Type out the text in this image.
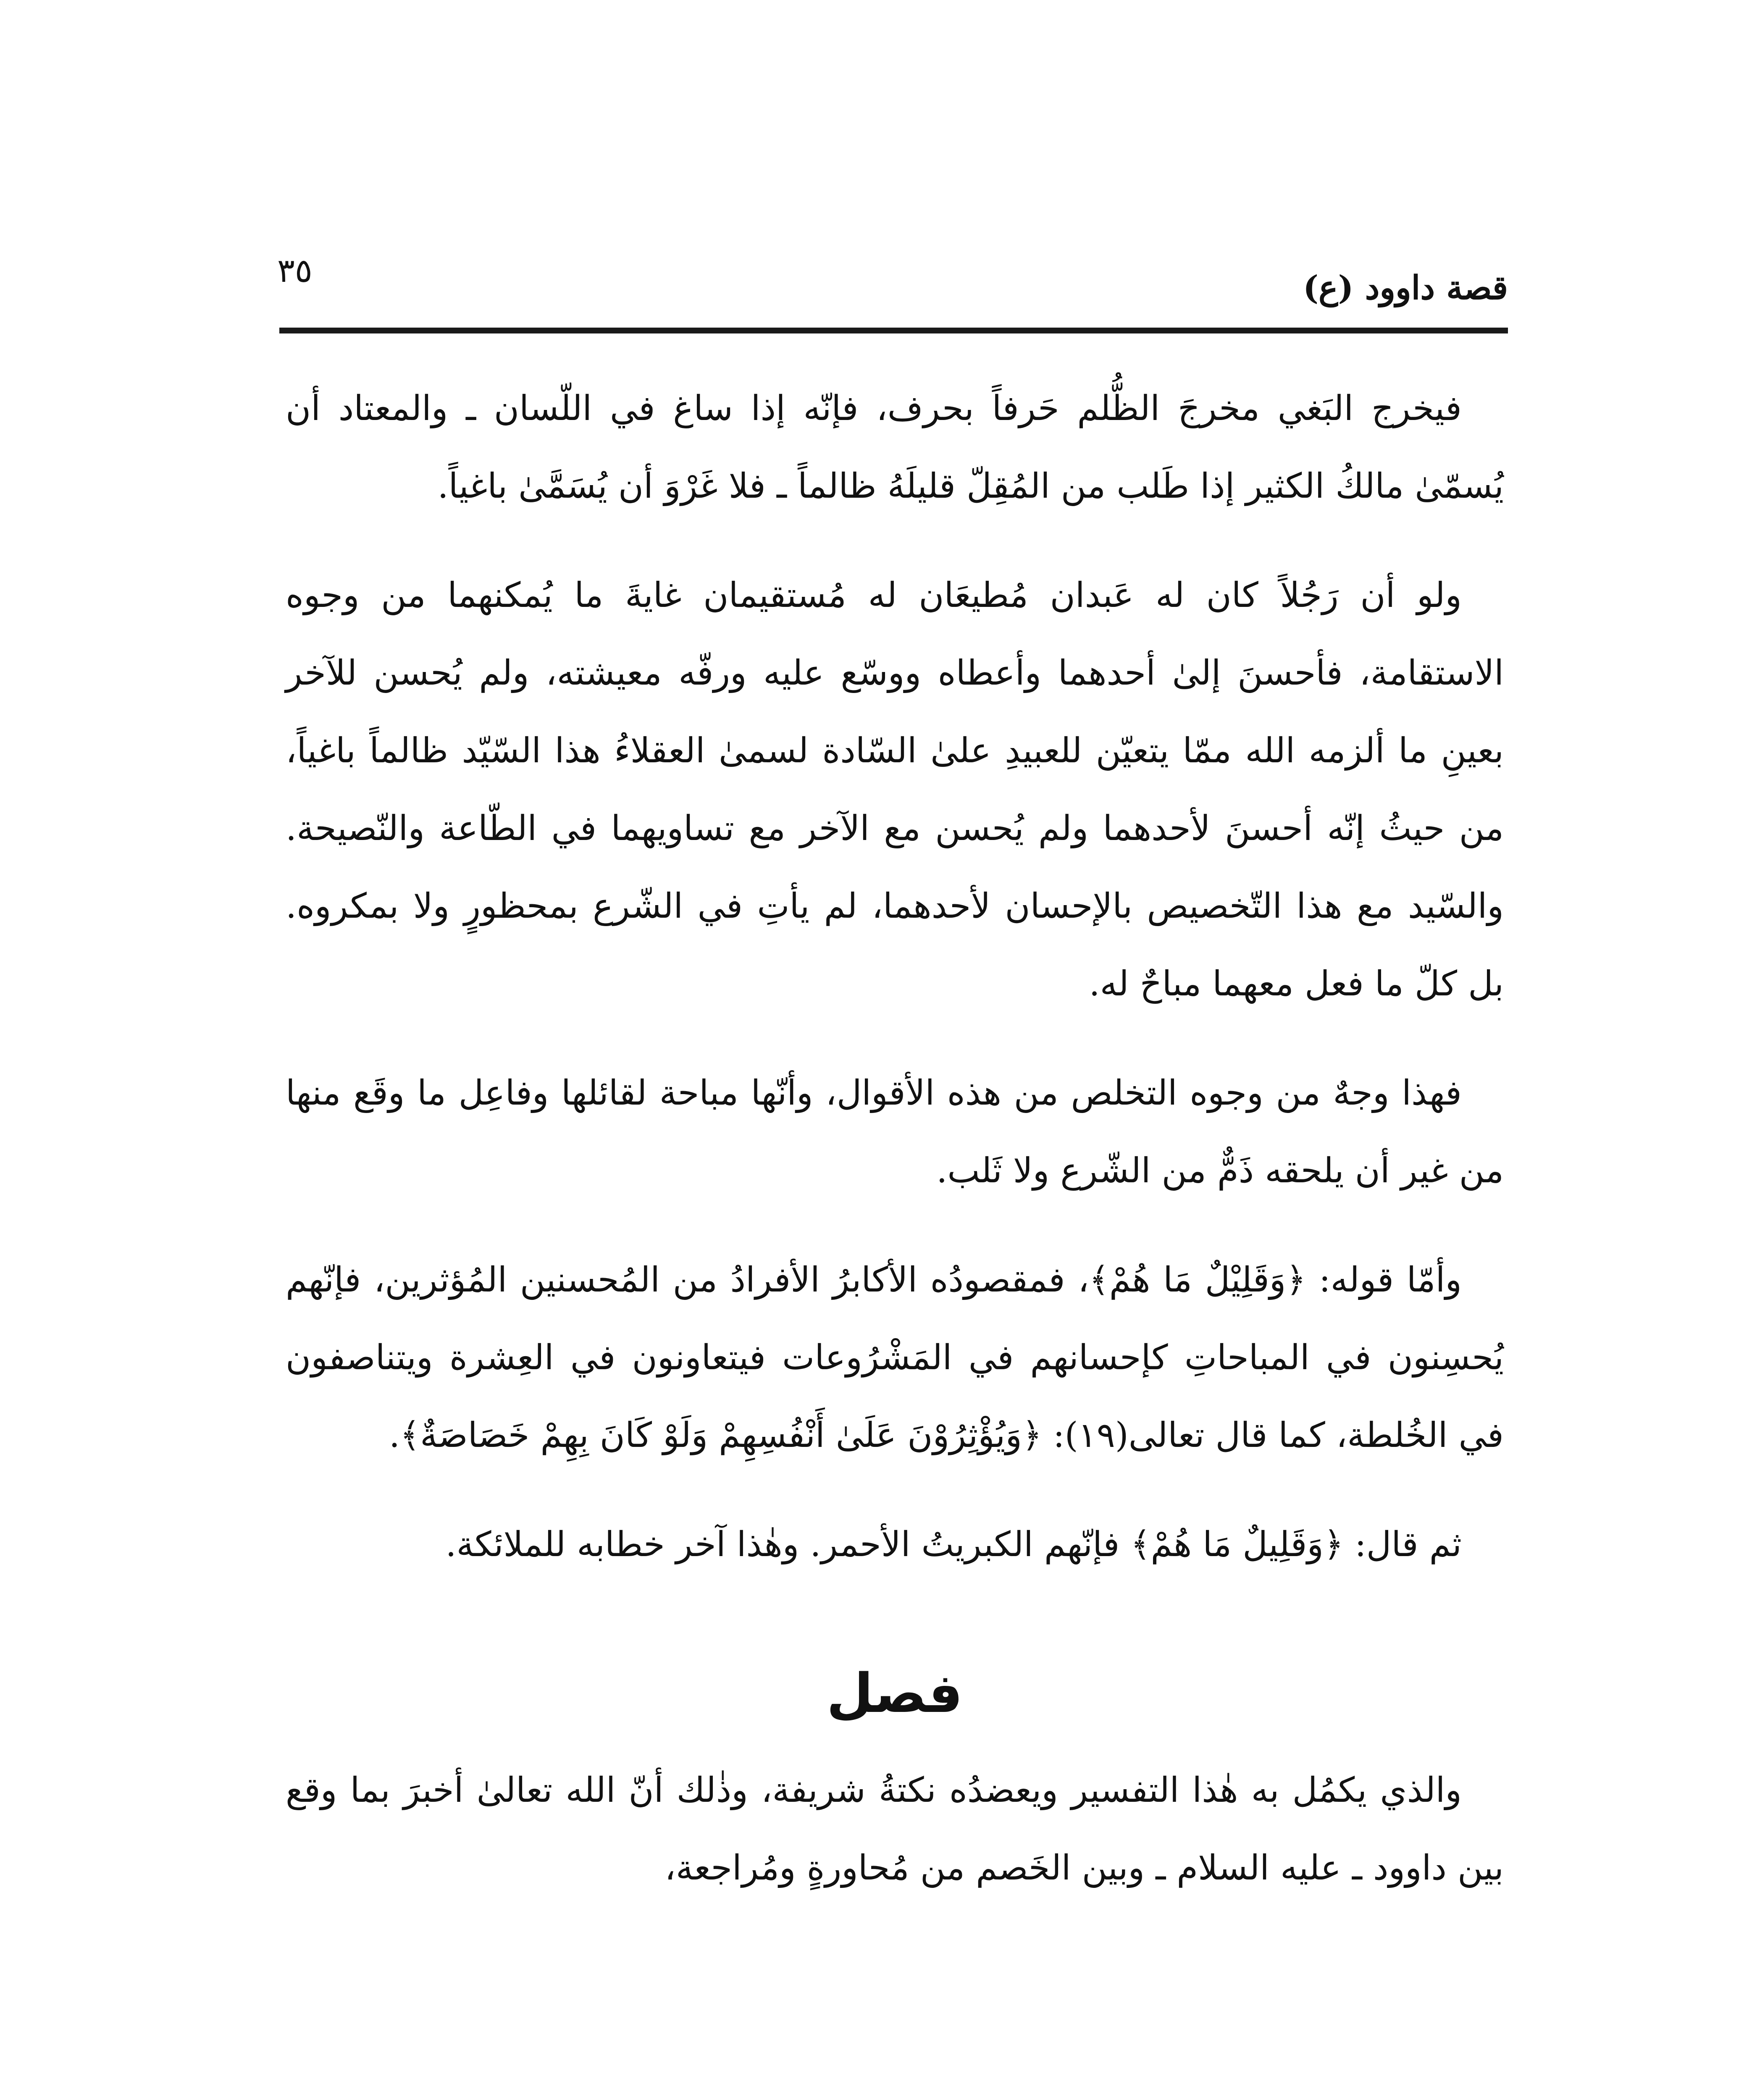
٣٥	قصة داوود (ع)

فيخرج البَغي مخرجَ الظُّلم حَرفاً بحرف، فإنّه إذا ساغ في اللّسان ـ والمعتاد أن يُسمّىٰ مالكُ الكثير إذا طَلب من المُقِلّ قليلَهُ ظالماً ـ فلا غَرْوَ أن يُسَمَّىٰ باغياً.

ولو أن رَجُلاً كان له عَبدان مُطيعَان له مُستقيمان غايةَ ما يُمكنهما من وجوه الاستقامة، فأحسنَ إلىٰ أحدهما وأعطاه ووسّع عليه ورفّه معيشته، ولم يُحسن للآخر بعينِ ما ألزمه الله ممّا يتعيّن للعبيدِ علىٰ السّادة لسمىٰ العقلاءُ هذا السّيّد ظالماً باغياً، من حيثُ إنّه أحسنَ لأحدهما ولم يُحسن مع الآخر مع تساويهما في الطّاعة والنّصيحة. والسّيد مع هذا التّخصيص بالإحسان لأحدهما، لم يأتِ في الشّرع بمحظورٍ ولا بمكروه. بل كلّ ما فعل معهما مباحٌ له.

فهذا وجهٌ من وجوه التخلص من هذه الأقوال، وأنّها مباحة لقائلها وفاعِل ما وقَع منها من غير أن يلحقه ذَمٌّ من الشّرع ولا ثَلب.

وأمّا قوله: ﴿وَقَلِيْلٌ مَا هُمْ﴾، فمقصودُه الأكابرُ الأفرادُ من المُحسنين المُؤثرين، فإنّهم يُحسِنون في المباحاتِ كإحسانهم في المَشْرُوعات فيتعاونون في العِشرة ويتناصفون في الخُلطة، كما قال تعالى(١٩): ﴿وَيُؤْثِرُوْنَ عَلَىٰ أَنْفُسِهِمْ وَلَوْ كَانَ بِهِمْ خَصَاصَةٌ﴾.

ثم قال: ﴿وَقَلِيلٌ مَا هُمْ﴾ فإنّهم الكبريتُ الأحمر. وهٰذا آخر خطابه للملائكة.

فصل

والذي يكمُل به هٰذا التفسير ويعضدُه نكتةُ شريفة، وذٰلك أنّ الله تعالىٰ أخبرَ بما وقع بين داوود ـ عليه السلام ـ وبين الخَصم من مُحاورةٍ ومُراجعة،
